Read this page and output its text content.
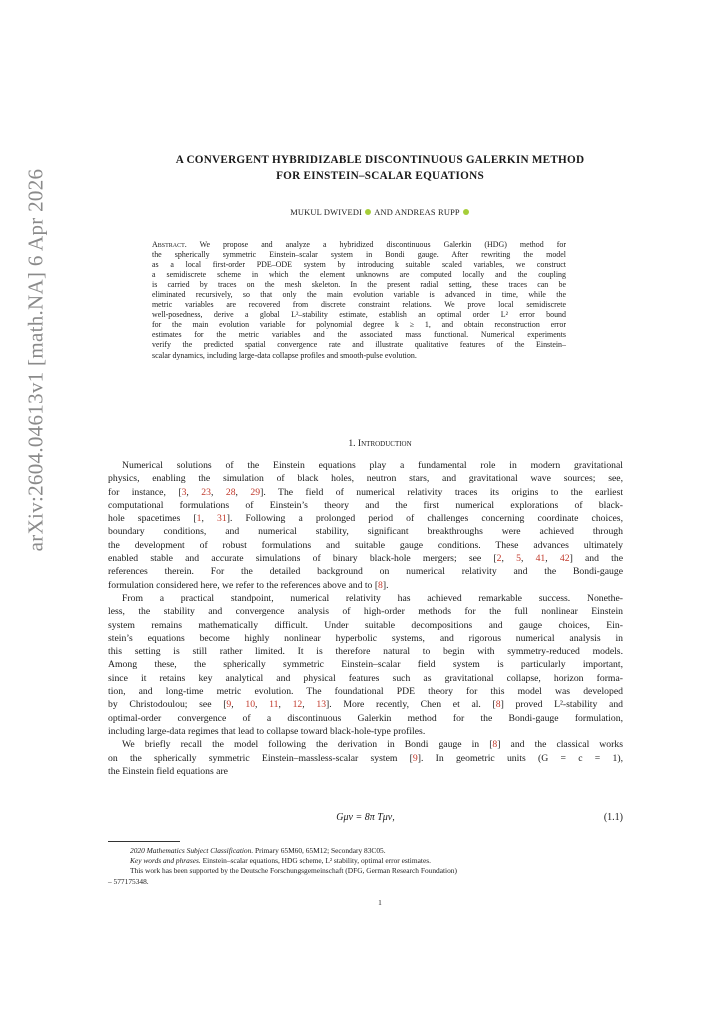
arXiv:2604.04613v1 [math.NA] 6 Apr 2026
A CONVERGENT HYBRIDIZABLE DISCONTINUOUS GALERKIN METHOD
FOR EINSTEIN–SCALAR EQUATIONS
MUKUL DWIVEDI AND ANDREAS RUPP
Abstract. We propose and analyze a hybridized discontinuous Galerkin (HDG) method for
the spherically symmetric Einstein–scalar system in Bondi gauge. After rewriting the model
as a local first-order PDE–ODE system by introducing suitable scaled variables, we construct
a semidiscrete scheme in which the element unknowns are computed locally and the coupling
is carried by traces on the mesh skeleton. In the present radial setting, these traces can be
eliminated recursively, so that only the main evolution variable is advanced in time, while the
metric variables are recovered from discrete constraint relations. We prove local semidiscrete
well-posedness, derive a global L²–stability estimate, establish an optimal order L² error bound
for the main evolution variable for polynomial degree k ≥ 1, and obtain reconstruction error
estimates for the metric variables and the associated mass functional. Numerical experiments
verify the predicted spatial convergence rate and illustrate qualitative features of the Einstein–
scalar dynamics, including large-data collapse profiles and smooth-pulse evolution.
1. Introduction
Numerical solutions of the Einstein equations play a fundamental role in modern gravitational
physics, enabling the simulation of black holes, neutron stars, and gravitational wave sources; see,
for instance, [3, 23, 28, 29]. The field of numerical relativity traces its origins to the earliest
computational formulations of Einstein’s theory and the first numerical explorations of black-
hole spacetimes [1, 31]. Following a prolonged period of challenges concerning coordinate choices,
boundary conditions, and numerical stability, significant breakthroughs were achieved through
the development of robust formulations and suitable gauge conditions. These advances ultimately
enabled stable and accurate simulations of binary black-hole mergers; see [2, 5, 41, 42] and the
references therein. For the detailed background on numerical relativity and the Bondi-gauge
formulation considered here, we refer to the references above and to [8].
From a practical standpoint, numerical relativity has achieved remarkable success. Nonethe-
less, the stability and convergence analysis of high-order methods for the full nonlinear Einstein
system remains mathematically difficult. Under suitable decompositions and gauge choices, Ein-
stein’s equations become highly nonlinear hyperbolic systems, and rigorous numerical analysis in
this setting is still rather limited. It is therefore natural to begin with symmetry-reduced models.
Among these, the spherically symmetric Einstein–scalar field system is particularly important,
since it retains key analytical and physical features such as gravitational collapse, horizon forma-
tion, and long-time metric evolution. The foundational PDE theory for this model was developed
by Christodoulou; see [9, 10, 11, 12, 13]. More recently, Chen et al. [8] proved L²-stability and
optimal-order convergence of a discontinuous Galerkin method for the Bondi-gauge formulation,
including large-data regimes that lead to collapse toward black-hole-type profiles.
We briefly recall the model following the derivation in Bondi gauge in [8] and the classical works
on the spherically symmetric Einstein–massless-scalar system [9]. In geometric units (G = c = 1),
the Einstein field equations are
Gμν = 8π Tμν,	(1.1)
2020 Mathematics Subject Classification. Primary 65M60, 65M12; Secondary 83C05.
Key words and phrases. Einstein–scalar equations, HDG scheme, L² stability, optimal error estimates.
This work has been supported by the Deutsche Forschungsgemeinschaft (DFG, German Research Foundation)
– 577175348.
1
